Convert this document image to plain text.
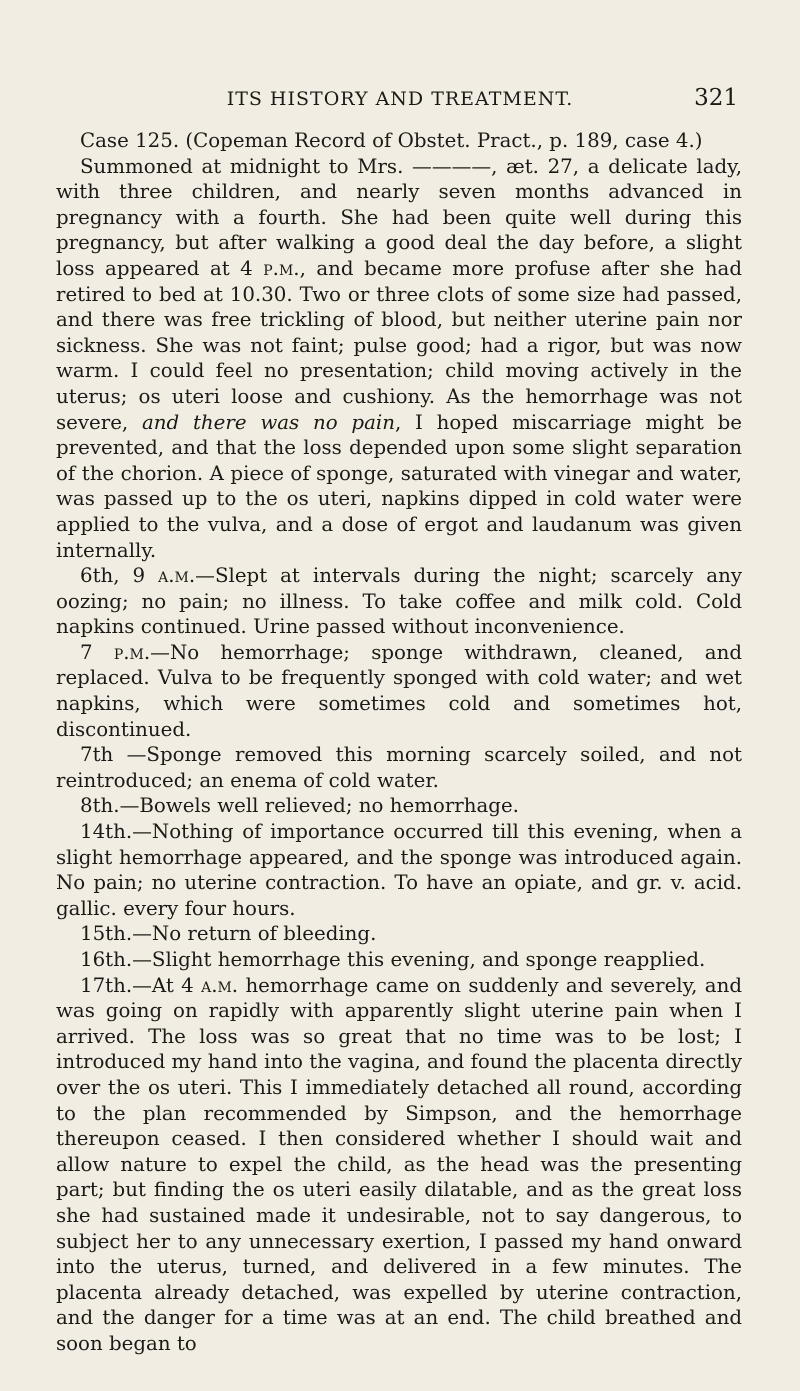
ITS HISTORY AND TREATMENT.	321

Case 125. (Copeman Record of Obstet. Pract., p. 189, case 4.)

Summoned at midnight to Mrs. ————, æt. 27, a delicate lady, with three children, and nearly seven months advanced in pregnancy with a fourth. She had been quite well during this pregnancy, but after walking a good deal the day before, a slight loss appeared at 4 p.m., and became more profuse after she had retired to bed at 10.30. Two or three clots of some size had passed, and there was free trickling of blood, but neither uterine pain nor sickness. She was not faint; pulse good; had a rigor, but was now warm. I could feel no presentation; child moving actively in the uterus; os uteri loose and cushiony. As the hemorrhage was not severe, and there was no pain, I hoped miscarriage might be prevented, and that the loss depended upon some slight separation of the chorion. A piece of sponge, saturated with vinegar and water, was passed up to the os uteri, napkins dipped in cold water were applied to the vulva, and a dose of ergot and laudanum was given internally.

6th, 9 a.m.—Slept at intervals during the night; scarcely any oozing; no pain; no illness. To take coffee and milk cold. Cold napkins continued. Urine passed without inconvenience.

7 p.m.—No hemorrhage; sponge withdrawn, cleaned, and replaced. Vulva to be frequently sponged with cold water; and wet napkins, which were sometimes cold and sometimes hot, discontinued.

7th —Sponge removed this morning scarcely soiled, and not reintroduced; an enema of cold water.

8th.—Bowels well relieved; no hemorrhage.

14th.—Nothing of importance occurred till this evening, when a slight hemorrhage appeared, and the sponge was introduced again. No pain; no uterine contraction. To have an opiate, and gr. v. acid. gallic. every four hours.

15th.—No return of bleeding.

16th.—Slight hemorrhage this evening, and sponge reapplied.

17th.—At 4 a.m. hemorrhage came on suddenly and severely, and was going on rapidly with apparently slight uterine pain when I arrived. The loss was so great that no time was to be lost; I introduced my hand into the vagina, and found the placenta directly over the os uteri. This I immediately detached all round, according to the plan recommended by Simpson, and the hemorrhage thereupon ceased. I then considered whether I should wait and allow nature to expel the child, as the head was the presenting part; but finding the os uteri easily dilatable, and as the great loss she had sustained made it undesirable, not to say dangerous, to subject her to any unnecessary exertion, I passed my hand onward into the uterus, turned, and delivered in a few minutes. The placenta already detached, was expelled by uterine contraction, and the danger for a time was at an end. The child breathed and soon began to
